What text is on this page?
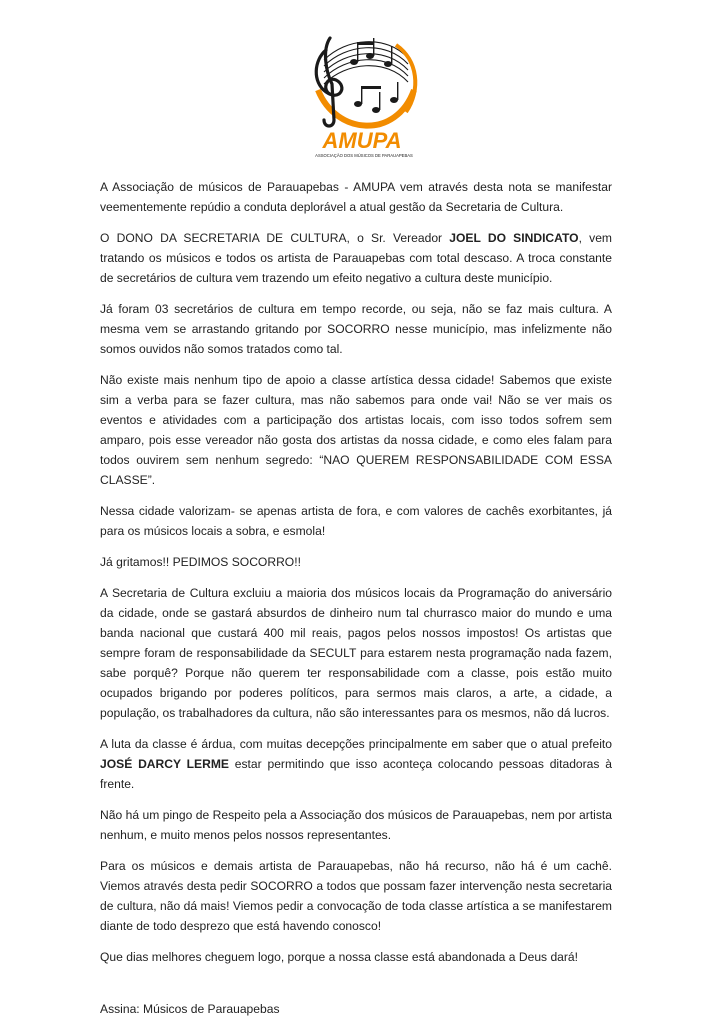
AMUPA
ASSOCIAÇÃO DOS MÚSICOS DE PARAUAPEBAS

A Associação de músicos de Parauapebas - AMUPA vem através desta nota se manifestar veementemente repúdio a conduta deplorável a atual gestão da Secretaria de Cultura.

O DONO DA SECRETARIA DE CULTURA, o Sr. Vereador JOEL DO SINDICATO, vem tratando os músicos e todos os artista de Parauapebas com total descaso. A troca constante de secretários de cultura vem trazendo um efeito negativo a cultura deste município.

Já foram 03 secretários de cultura em tempo recorde, ou seja, não se faz mais cultura. A mesma vem se arrastando gritando por SOCORRO nesse município, mas infelizmente não somos ouvidos não somos tratados como tal.

Não existe mais nenhum tipo de apoio a classe artística dessa cidade! Sabemos que existe sim a verba para se fazer cultura, mas não sabemos para onde vai! Não se ver mais os eventos e atividades com a participação dos artistas locais, com isso todos sofrem sem amparo, pois esse vereador não gosta dos artistas da nossa cidade, e como eles falam para todos ouvirem sem nenhum segredo: “NAO QUEREM RESPONSABILIDADE COM ESSA CLASSE”.

Nessa cidade valorizam- se apenas artista de fora, e com valores de cachês exorbitantes, já para os músicos locais a sobra, e esmola!

Já gritamos!! PEDIMOS SOCORRO!!

A Secretaria de Cultura excluiu a maioria dos músicos locais da Programação do aniversário da cidade, onde se gastará absurdos de dinheiro num tal churrasco maior do mundo e uma banda nacional que custará 400 mil reais, pagos pelos nossos impostos! Os artistas que sempre foram de responsabilidade da SECULT para estarem nesta programação nada fazem, sabe porquê? Porque não querem ter responsabilidade com a classe, pois estão muito ocupados brigando por poderes políticos, para sermos mais claros, a arte, a cidade, a população, os trabalhadores da cultura, não são interessantes para os mesmos, não dá lucros.

A luta da classe é árdua, com muitas decepções principalmente em saber que o atual prefeito JOSÉ DARCY LERME estar permitindo que isso aconteça colocando pessoas ditadoras à frente.

Não há um pingo de Respeito pela a Associação dos músicos de Parauapebas, nem por artista nenhum, e muito menos pelos nossos representantes.

Para os músicos e demais artista de Parauapebas, não há recurso, não há é um cachê. Viemos através desta pedir SOCORRO a todos que possam fazer intervenção nesta secretaria de cultura, não dá mais! Viemos pedir a convocação de toda classe artística a se manifestarem diante de todo desprezo que está havendo conosco!

Que dias melhores cheguem logo, porque a nossa classe está abandonada a Deus dará!

Assina: Músicos de Parauapebas
